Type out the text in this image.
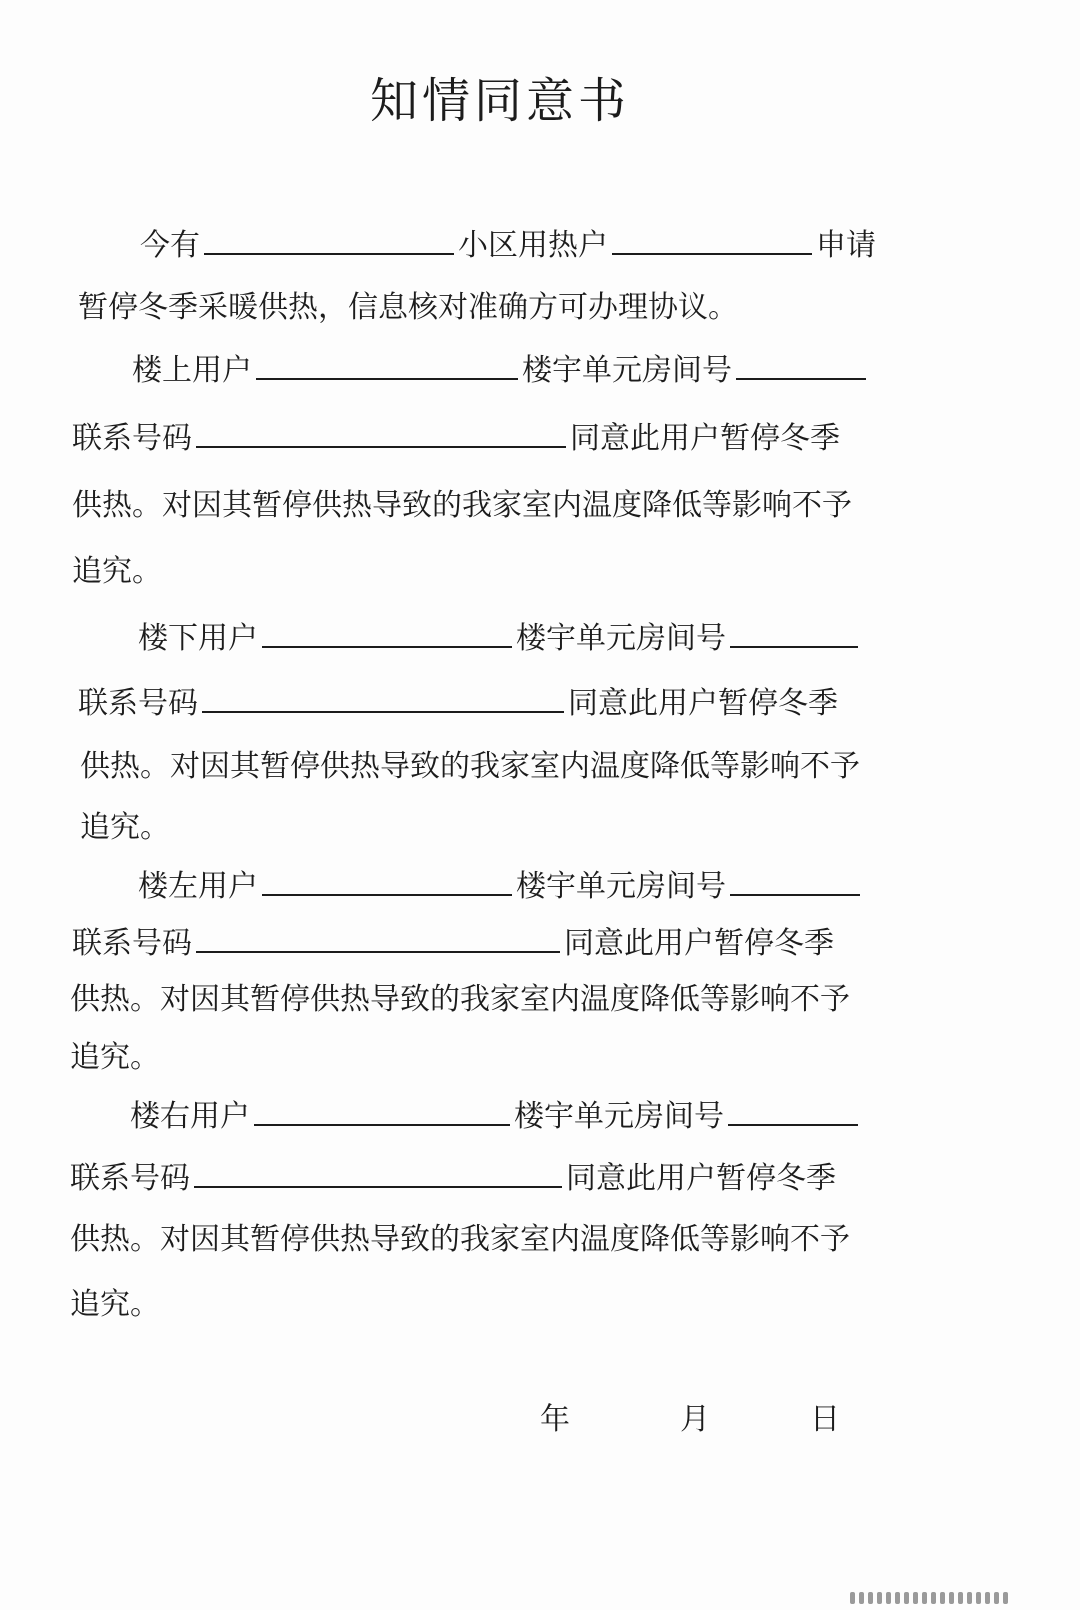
知情同意书
今有	小区用热户	申请
暂停冬季采暖供热，信息核对准确方可办理协议。
楼上用户	楼宇单元房间号
联系号码	同意此用户暂停冬季
供热。对因其暂停供热导致的我家室内温度降低等影响不予
追究。
楼下用户	楼宇单元房间号
联系号码	同意此用户暂停冬季
供热。对因其暂停供热导致的我家室内温度降低等影响不予
追究。
楼左用户	楼宇单元房间号
联系号码	同意此用户暂停冬季
供热。对因其暂停供热导致的我家室内温度降低等影响不予
追究。
楼右用户	楼宇单元房间号
联系号码	同意此用户暂停冬季
供热。对因其暂停供热导致的我家室内温度降低等影响不予
追究。
年	月	日
